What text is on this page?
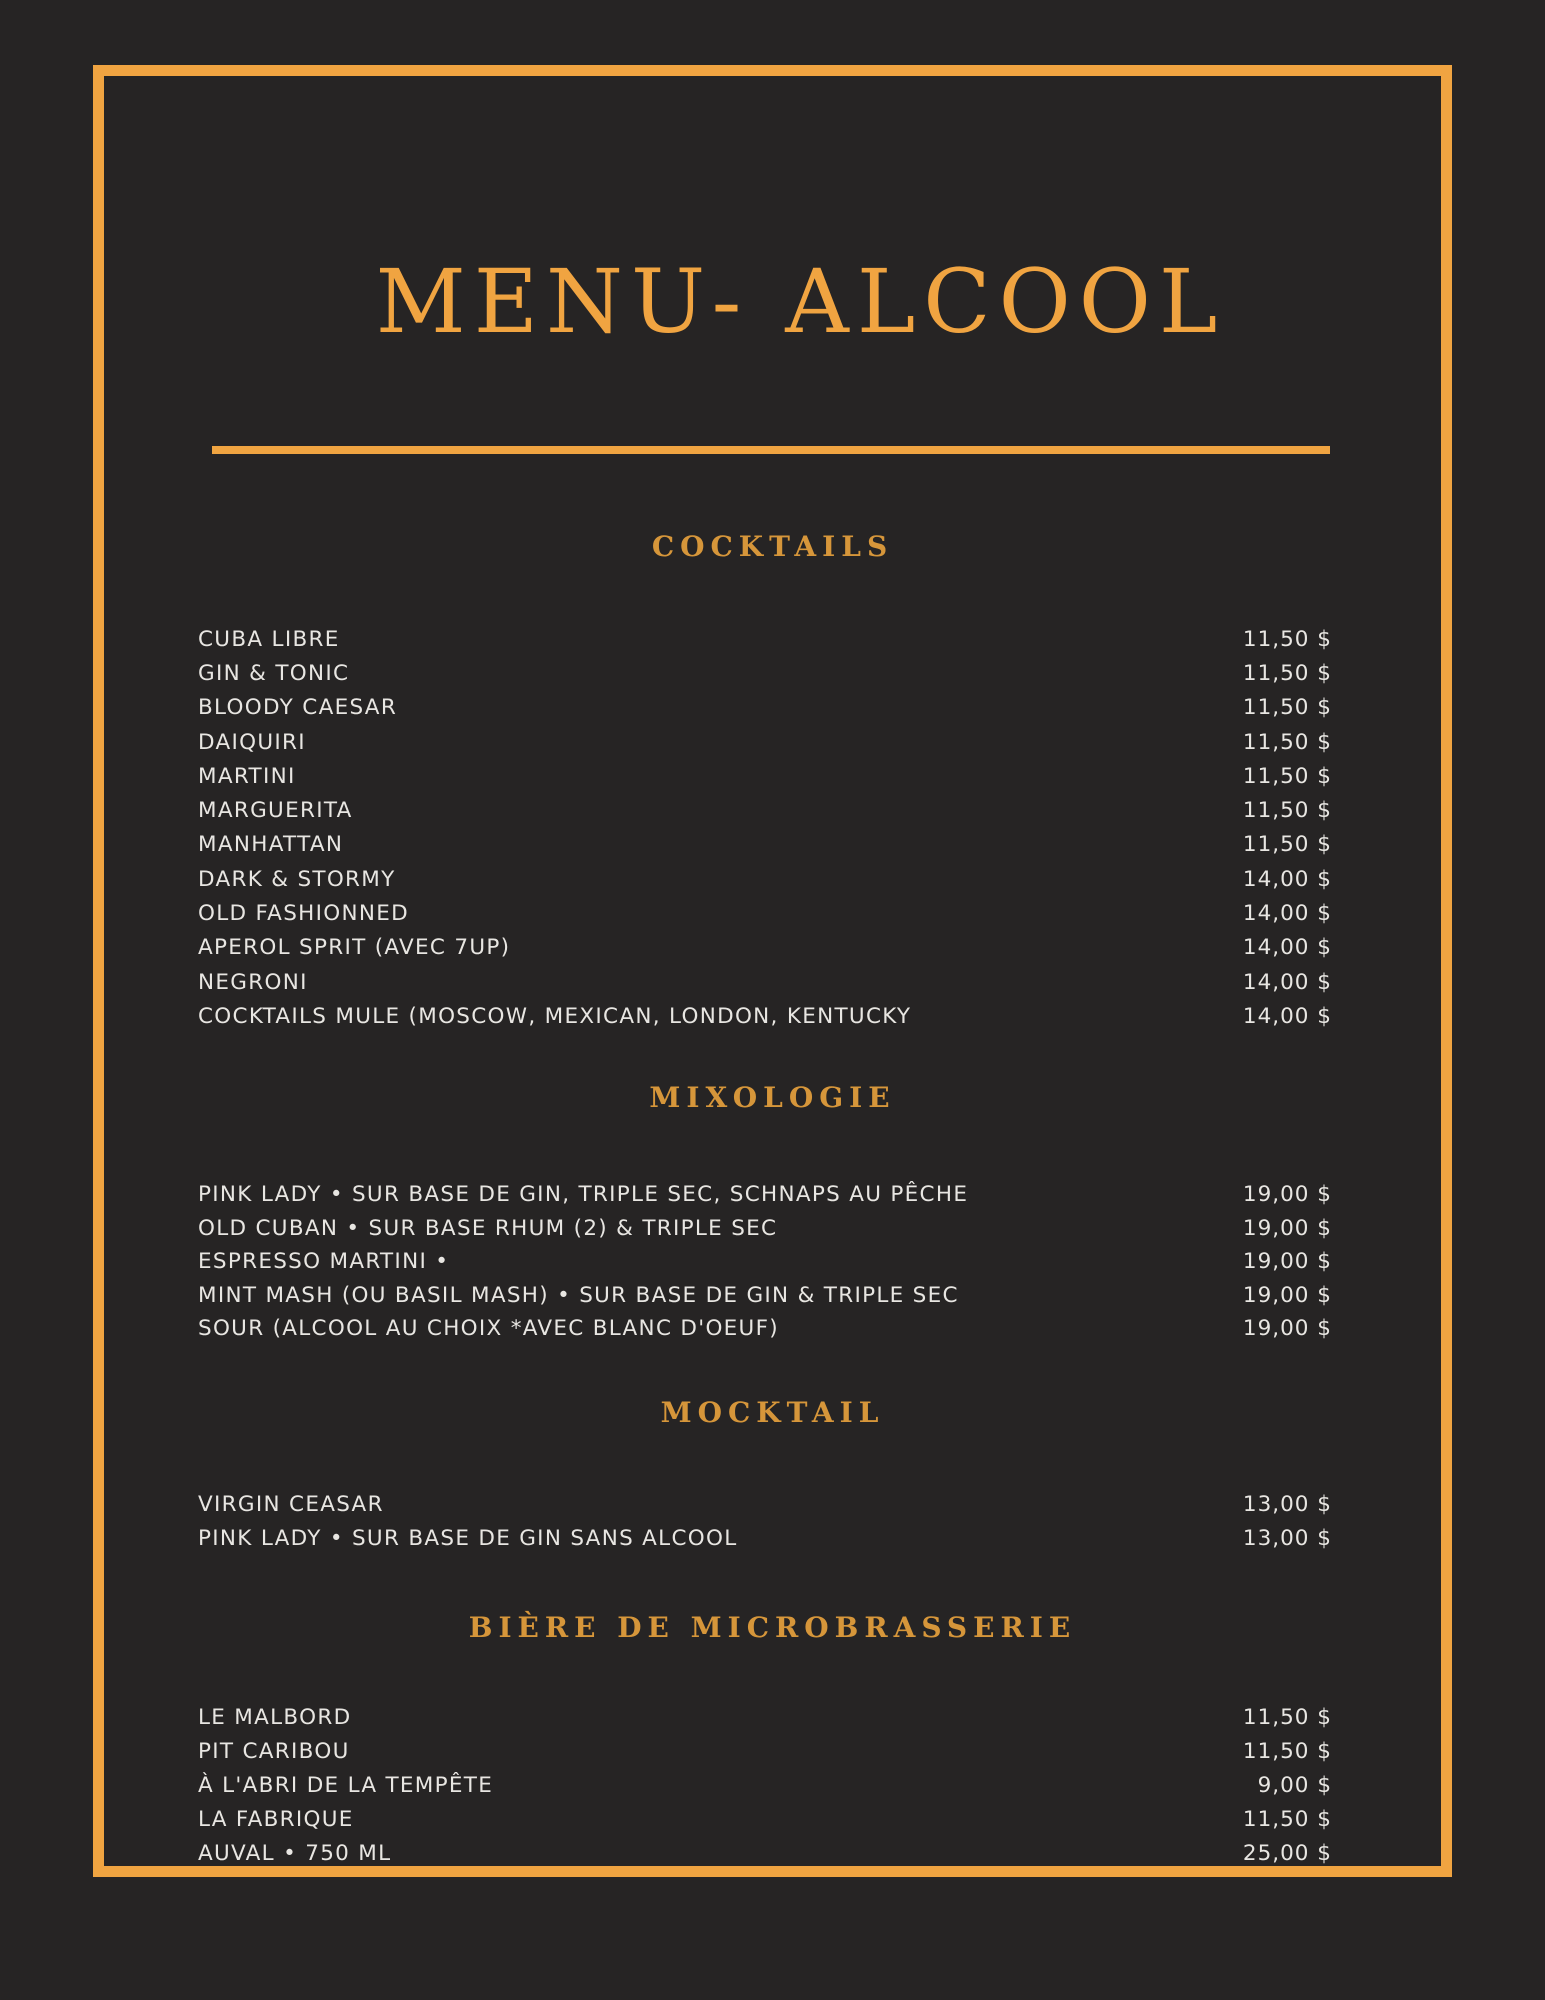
MENU- ALCOOL
COCKTAILS
CUBA LIBRE	11,50 $
GIN & TONIC	11,50 $
BLOODY CAESAR	11,50 $
DAIQUIRI	11,50 $
MARTINI	11,50 $
MARGUERITA	11,50 $
MANHATTAN	11,50 $
DARK & STORMY	14,00 $
OLD FASHIONNED	14,00 $
APEROL SPRIT (AVEC 7UP)	14,00 $
NEGRONI	14,00 $
COCKTAILS MULE (MOSCOW, MEXICAN, LONDON, KENTUCKY	14,00 $
MIXOLOGIE
PINK LADY • SUR BASE DE GIN, TRIPLE SEC, SCHNAPS AU PÊCHE	19,00 $
OLD CUBAN • SUR BASE RHUM (2) & TRIPLE SEC	19,00 $
ESPRESSO MARTINI •	19,00 $
MINT MASH (OU BASIL MASH) • SUR BASE DE GIN & TRIPLE SEC	19,00 $
SOUR (ALCOOL AU CHOIX *AVEC BLANC D'OEUF)	19,00 $
MOCKTAIL
VIRGIN CEASAR	13,00 $
PINK LADY • SUR BASE DE GIN SANS ALCOOL	13,00 $
BIÈRE DE MICROBRASSERIE
LE MALBORD	11,50 $
PIT CARIBOU	11,50 $
À L'ABRI DE LA TEMPÊTE	9,00 $
LA FABRIQUE	11,50 $
AUVAL • 750 ML	25,00 $
